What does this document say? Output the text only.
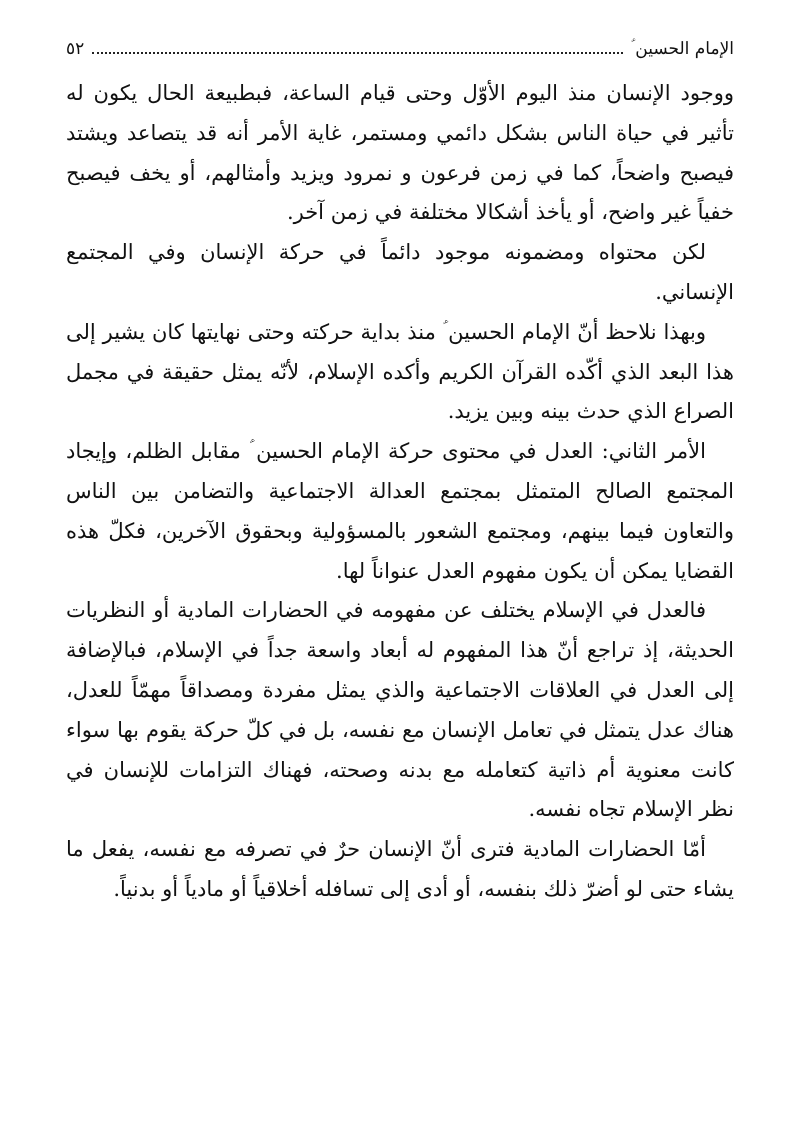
الإمام الحسين ؑ
٥٢

ووجود الإنسان منذ اليوم الأوّل وحتى قيام الساعة، فبطبيعة الحال يكون له تأثير في حياة الناس بشكل دائمي ومستمر، غاية الأمر أنه قد يتصاعد ويشتد فيصبح واضحاً، كما في زمن فرعون و نمرود ويزيد وأمثالهم، أو يخف فيصبح خفياً غير واضح، أو يأخذ أشكالا مختلفة في زمن آخر.

لكن محتواه ومضمونه موجود دائماً في حركة الإنسان وفي المجتمع الإنساني.

وبهذا نلاحظ أنّ الإمام الحسين ؑ منذ بداية حركته وحتى نهايتها كان يشير إلى هذا البعد الذي أكّده القرآن الكريم وأكده الإسلام، لأنّه يمثل حقيقة في مجمل الصراع الذي حدث بينه وبين يزيد.

الأمر الثاني: العدل في محتوى حركة الإمام الحسين ؑ مقابل الظلم، وإيجاد المجتمع الصالح المتمثل بمجتمع العدالة الاجتماعية والتضامن بين الناس والتعاون فيما بينهم، ومجتمع الشعور بالمسؤولية وبحقوق الآخرين، فكلّ هذه القضايا يمكن أن يكون مفهوم العدل عنواناً لها.

فالعدل في الإسلام يختلف عن مفهومه في الحضارات المادية أو النظريات الحديثة، إذ تراجع أنّ هذا المفهوم له أبعاد واسعة جداً في الإسلام، فبالإضافة إلى العدل في العلاقات الاجتماعية والذي يمثل مفردة ومصداقاً مهمّاً للعدل، هناك عدل يتمثل في تعامل الإنسان مع نفسه، بل في كلّ حركة يقوم بها سواء كانت معنوية أم ذاتية كتعامله مع بدنه وصحته، فهناك التزامات للإنسان في نظر الإسلام تجاه نفسه.

أمّا الحضارات المادية فترى أنّ الإنسان حرٌ في تصرفه مع نفسه، يفعل ما يشاء حتى لو أضرّ ذلك بنفسه، أو أدى إلى تسافله أخلاقياً أو مادياً أو بدنياً.
